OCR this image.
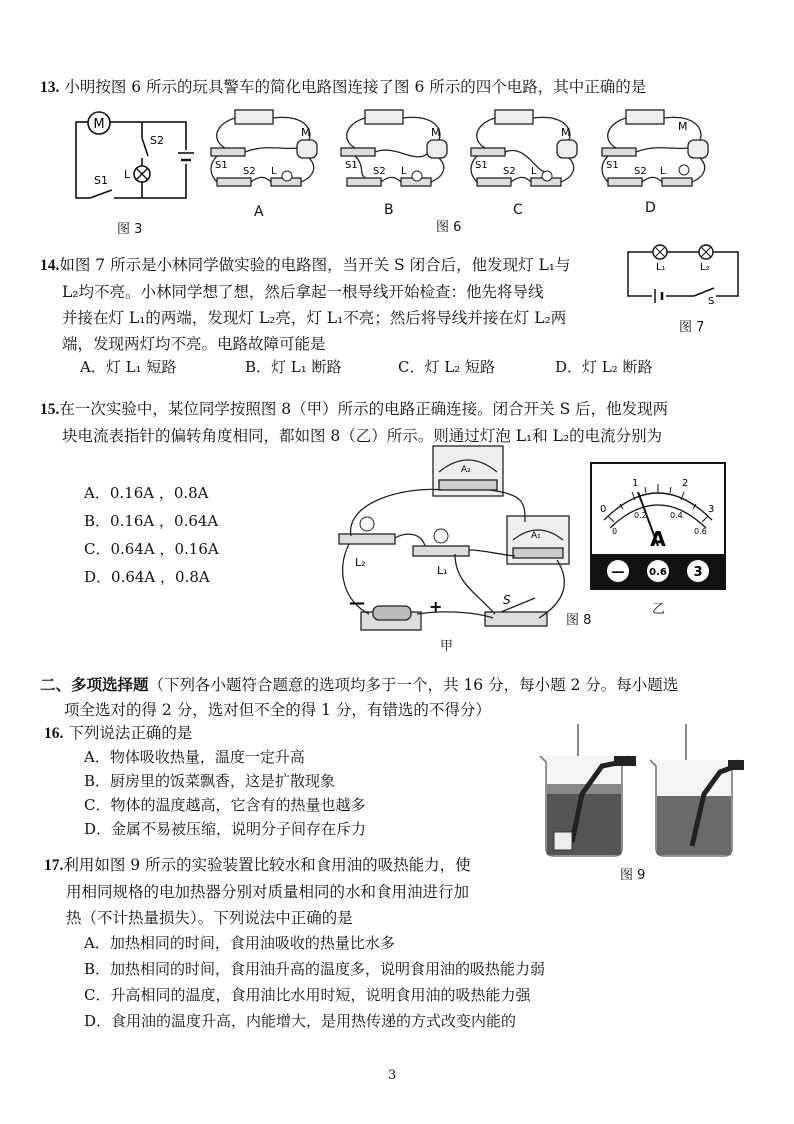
13. 小明按图 6 所示的玩具警车的简化电路图连接了图 6 所示的四个电路，其中正确的是
M
S2
L
S1
图 3
M
S1
S2 L
A
M
S1
S2 L
B
图 6
M
S1
S2 L
C
M
S1
S2 L
D
14.如图 7 所示是小林同学做实验的电路图，当开关 S 闭合后，他发现灯 L₁与
L₂均不亮。小林同学想了想，然后拿起一根导线开始检查：他先将导线
并接在灯 L₁的两端，发现灯 L₂亮，灯 L₁不亮；然后将导线并接在灯 L₂两
端，发现两灯均不亮。电路故障可能是
A．灯 L₁ 短路	B．灯 L₁ 断路	C．灯 L₂ 短路	D．灯 L₂ 断路
L₁	L₂
S
图 7
15.在一次实验中，某位同学按照图 8（甲）所示的电路正确连接。闭合开关 S 后，他发现两
块电流表指针的偏转角度相同，都如图 8（乙）所示。则通过灯泡 L₁和 L₂的电流分别为
A．0.16A ，0.8A
B．0.16A ，0.64A
C．0.64A ，0.16A
D．0.64A ，0.8A
A₂
A₁
L₂
L₁
—	+	S
甲
图 8
0
1	2
3
0
0.2	0.4
0.6
A
— 0.6 3
乙
二、多项选择题（下列各小题符合题意的选项均多于一个，共 16 分，每小题 2 分。每小题选
项全选对的得 2 分，选对但不全的得 1 分，有错选的不得分）
16. 下列说法正确的是
A．物体吸收热量，温度一定升高
B．厨房里的饭菜飘香，这是扩散现象
C．物体的温度越高，它含有的热量也越多
D．金属不易被压缩，说明分子间存在斥力
图 9
17.利用如图 9 所示的实验装置比较水和食用油的吸热能力，使
用相同规格的电加热器分别对质量相同的水和食用油进行加
热（不计热量损失）。下列说法中正确的是
A．加热相同的时间，食用油吸收的热量比水多
B．加热相同的时间，食用油升高的温度多，说明食用油的吸热能力弱
C．升高相同的温度，食用油比水用时短，说明食用油的吸热能力强
D．食用油的温度升高，内能增大，是用热传递的方式改变内能的
3
